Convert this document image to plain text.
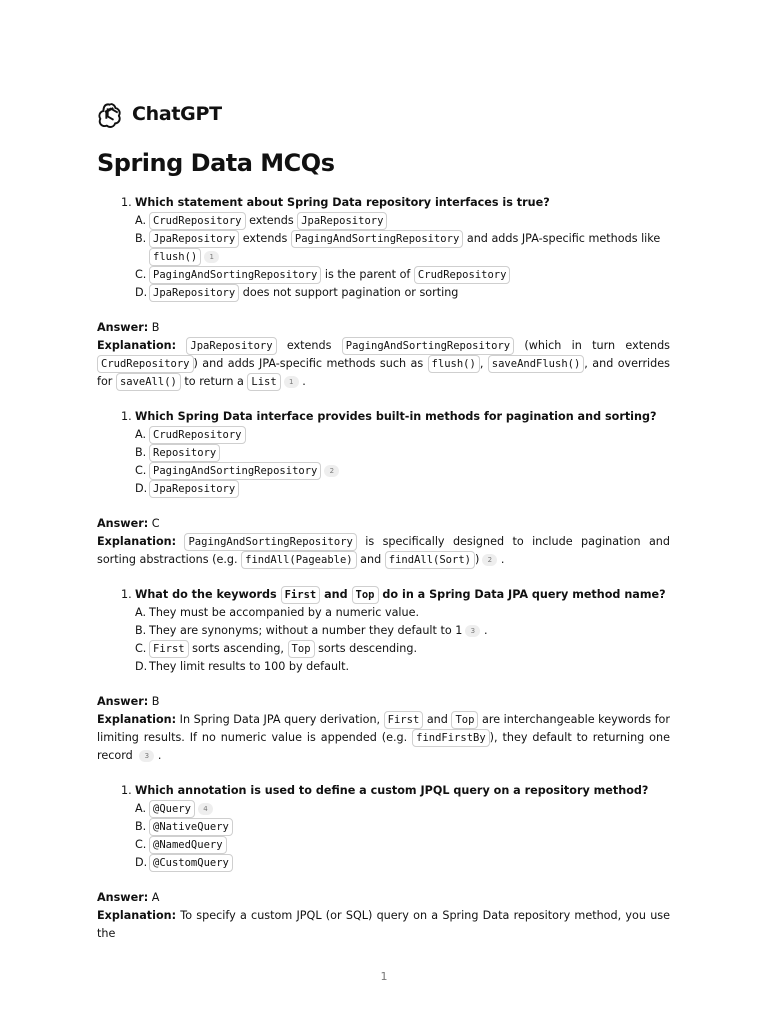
ChatGPT
Spring Data MCQs
1. Which statement about Spring Data repository interfaces is true?
A. CrudRepository extends JpaRepository
B. JpaRepository extends PagingAndSortingRepository and adds JPA-specific methods like flush() 1
C. PagingAndSortingRepository is the parent of CrudRepository
D. JpaRepository does not support pagination or sorting
Answer: B
Explanation: JpaRepository extends PagingAndSortingRepository (which in turn extends CrudRepository ) and adds JPA-specific methods such as flush() , saveAndFlush() , and overrides for saveAll() to return a List 1 .
1. Which Spring Data interface provides built-in methods for pagination and sorting?
A. CrudRepository
B. Repository
C. PagingAndSortingRepository 2
D. JpaRepository
Answer: C
Explanation: PagingAndSortingRepository is specifically designed to include pagination and sorting abstractions (e.g. findAll(Pageable) and findAll(Sort) ) 2 .
1. What do the keywords First and Top do in a Spring Data JPA query method name?
A. They must be accompanied by a numeric value.
B. They are synonyms; without a number they default to 1 3 .
C. First sorts ascending, Top sorts descending.
D. They limit results to 100 by default.
Answer: B
Explanation: In Spring Data JPA query derivation, First and Top are interchangeable keywords for limiting results. If no numeric value is appended (e.g. findFirstBy ), they default to returning one record 3 .
1. Which annotation is used to define a custom JPQL query on a repository method?
A. @Query 4
B. @NativeQuery
C. @NamedQuery
D. @CustomQuery
Answer: A
Explanation: To specify a custom JPQL (or SQL) query on a Spring Data repository method, you use the
1
